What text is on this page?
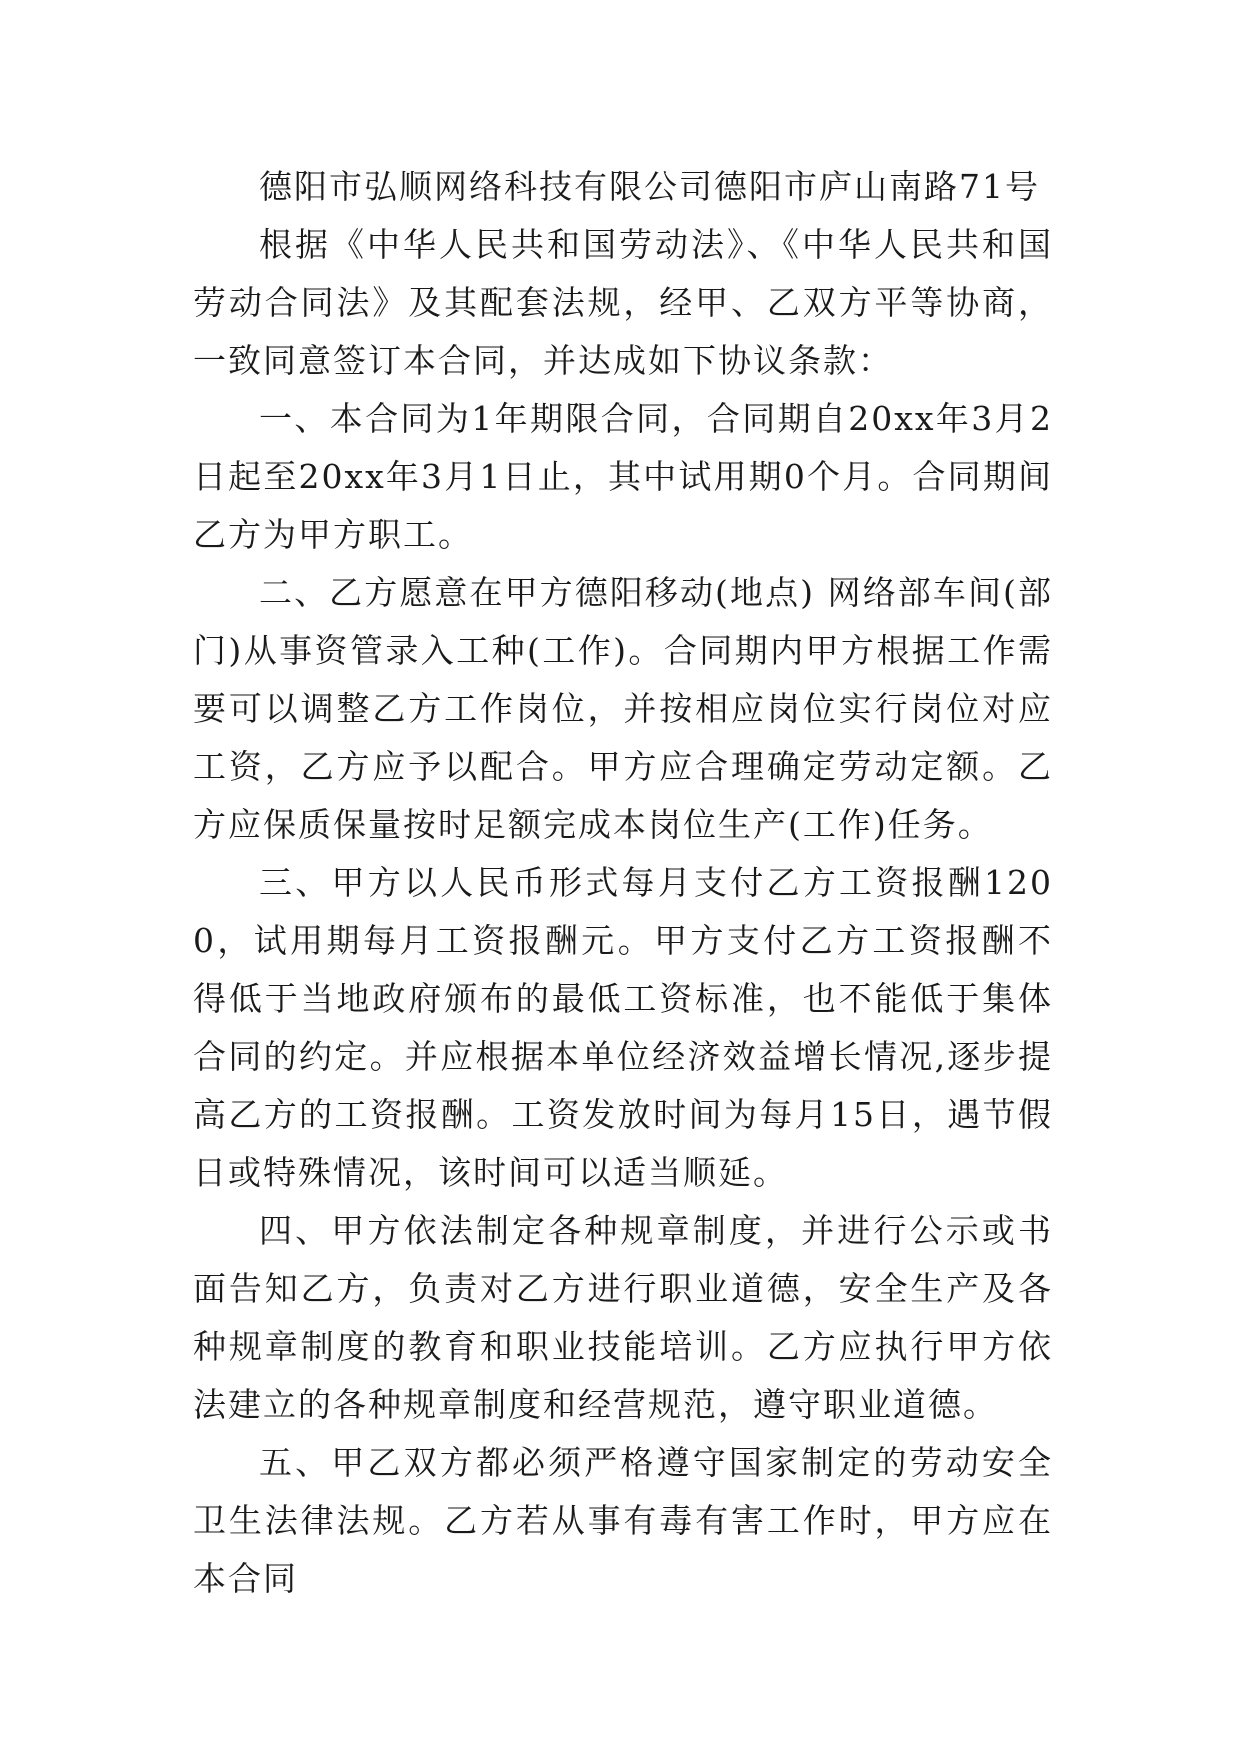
德阳市弘顺网络科技有限公司德阳市庐山南路71号

根据《中华人民共和国劳动法》、《中华人民共和国劳动合同法》及其配套法规，经甲、乙双方平等协商，一致同意签订本合同，并达成如下协议条款：

一、本合同为1年期限合同，合同期自20xx年3月2日起至20xx年3月1日止，其中试用期0个月。合同期间乙方为甲方职工。

二、乙方愿意在甲方德阳移动(地点) 网络部车间(部门)从事资管录入工种(工作)。合同期内甲方根据工作需要可以调整乙方工作岗位，并按相应岗位实行岗位对应工资，乙方应予以配合。甲方应合理确定劳动定额。乙方应保质保量按时足额完成本岗位生产(工作)任务。

三、甲方以人民币形式每月支付乙方工资报酬1200，试用期每月工资报酬元。甲方支付乙方工资报酬不得低于当地政府颁布的最低工资标准，也不能低于集体合同的约定。并应根据本单位经济效益增长情况,逐步提高乙方的工资报酬。工资发放时间为每月15日，遇节假日或特殊情况，该时间可以适当顺延。

四、甲方依法制定各种规章制度，并进行公示或书面告知乙方，负责对乙方进行职业道德，安全生产及各种规章制度的教育和职业技能培训。乙方应执行甲方依法建立的各种规章制度和经营规范，遵守职业道德。

五、甲乙双方都必须严格遵守国家制定的劳动安全卫生法律法规。乙方若从事有毒有害工作时，甲方应在本合同
